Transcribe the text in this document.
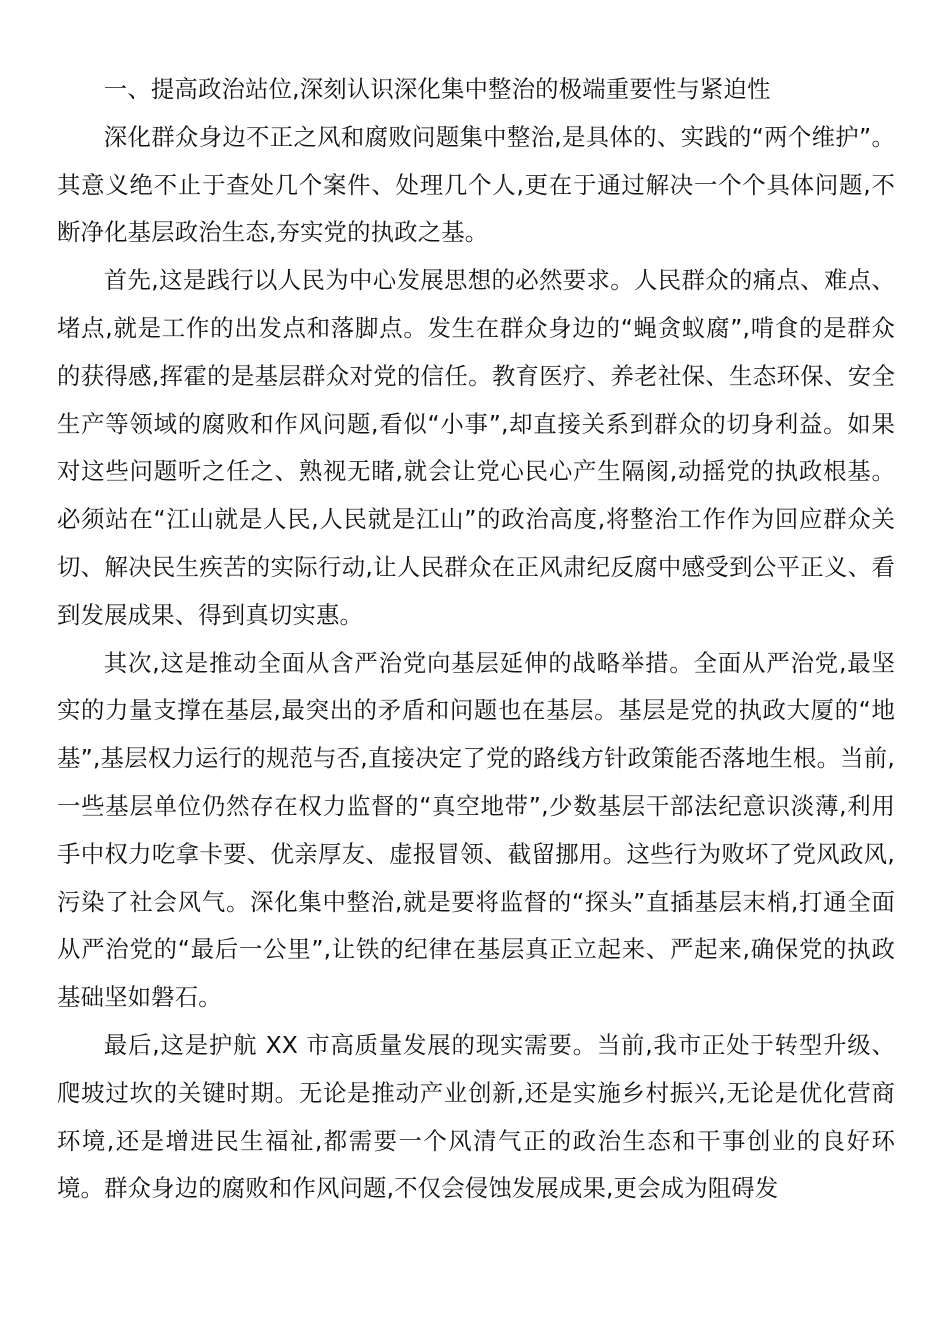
一、提高政治站位,深刻认识深化集中整治的极端重要性与紧迫性

深化群众身边不正之风和腐败问题集中整治,是具体的、实践的“两个维护”。其意义绝不止于查处几个案件、处理几个人,更在于通过解决一个个具体问题,不断净化基层政治生态,夯实党的执政之基。

首先,这是践行以人民为中心发展思想的必然要求。人民群众的痛点、难点、堵点,就是工作的出发点和落脚点。发生在群众身边的“蝇贪蚁腐”,啃食的是群众的获得感,挥霍的是基层群众对党的信任。教育医疗、养老社保、生态环保、安全生产等领域的腐败和作风问题,看似“小事”,却直接关系到群众的切身利益。如果对这些问题听之任之、熟视无睹,就会让党心民心产生隔阂,动摇党的执政根基。必须站在“江山就是人民,人民就是江山”的政治高度,将整治工作作为回应群众关切、解决民生疾苦的实际行动,让人民群众在正风肃纪反腐中感受到公平正义、看到发展成果、得到真切实惠。

其次,这是推动全面从含严治党向基层延伸的战略举措。全面从严治党,最坚实的力量支撑在基层,最突出的矛盾和问题也在基层。基层是党的执政大厦的“地基”,基层权力运行的规范与否,直接决定了党的路线方针政策能否落地生根。当前,一些基层单位仍然存在权力监督的“真空地带”,少数基层干部法纪意识淡薄,利用手中权力吃拿卡要、优亲厚友、虚报冒领、截留挪用。这些行为败坏了党风政风,污染了社会风气。深化集中整治,就是要将监督的“探头”直插基层末梢,打通全面从严治党的“最后一公里”,让铁的纪律在基层真正立起来、严起来,确保党的执政基础坚如磐石。

最后,这是护航 XX 市高质量发展的现实需要。当前,我市正处于转型升级、爬坡过坎的关键时期。无论是推动产业创新,还是实施乡村振兴,无论是优化营商环境,还是增进民生福祉,都需要一个风清气正的政治生态和干事创业的良好环境。群众身边的腐败和作风问题,不仅会侵蚀发展成果,更会成为阻碍发
